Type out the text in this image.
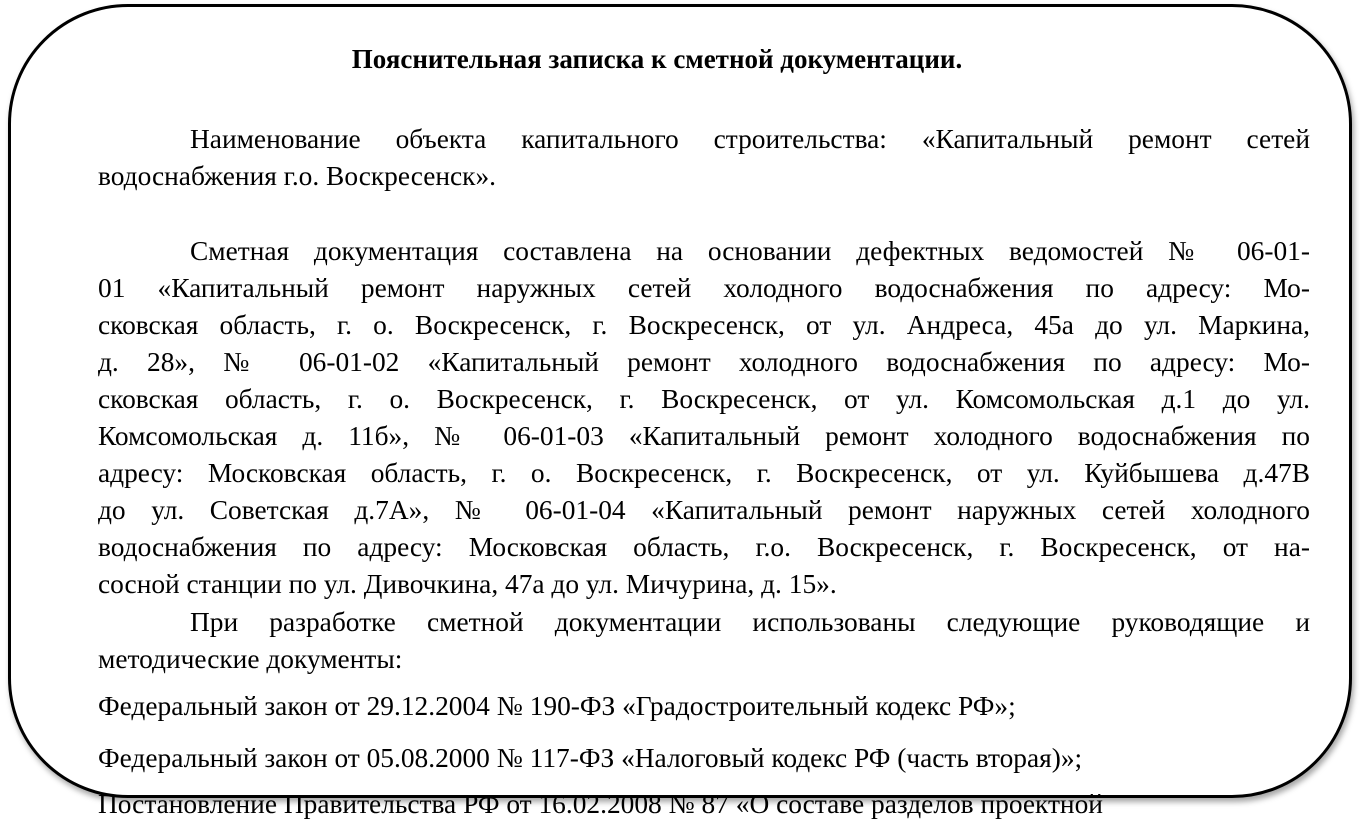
Пояснительная записка к сметной документации.
Наименование объекта капитального строительства: «Капитальный ремонт сетей
водоснабжения г.о. Воскресенск».
Сметная документация составлена на основании дефектных ведомостей № 06-01-
01 «Капитальный ремонт наружных сетей холодного водоснабжения по адресу: Мо-
сковская область, г. о. Воскресенск, г. Воскресенск, от ул. Андреса, 45а до ул. Маркина,
д. 28», № 06-01-02 «Капитальный ремонт холодного водоснабжения по адресу: Мо-
сковская область, г. о. Воскресенск, г. Воскресенск, от ул. Комсомольская д.1 до ул.
Комсомольская д. 11б», № 06-01-03 «Капитальный ремонт холодного водоснабжения по
адресу: Московская область, г. о. Воскресенск, г. Воскресенск, от ул. Куйбышева д.47В
до ул. Советская д.7А», № 06-01-04 «Капитальный ремонт наружных сетей холодного
водоснабжения по адресу: Московская область, г.о. Воскресенск, г. Воскресенск, от на-
сосной станции по ул. Дивочкина, 47а до ул. Мичурина, д. 15».
При разработке сметной документации использованы следующие руководящие и
методические документы:
Федеральный закон от 29.12.2004 № 190-ФЗ «Градостроительный кодекс РФ»;
Федеральный закон от 05.08.2000 № 117-ФЗ «Налоговый кодекс РФ (часть вторая)»;
Постановление Правительства РФ от 16.02.2008 № 87 «О составе разделов проектной
